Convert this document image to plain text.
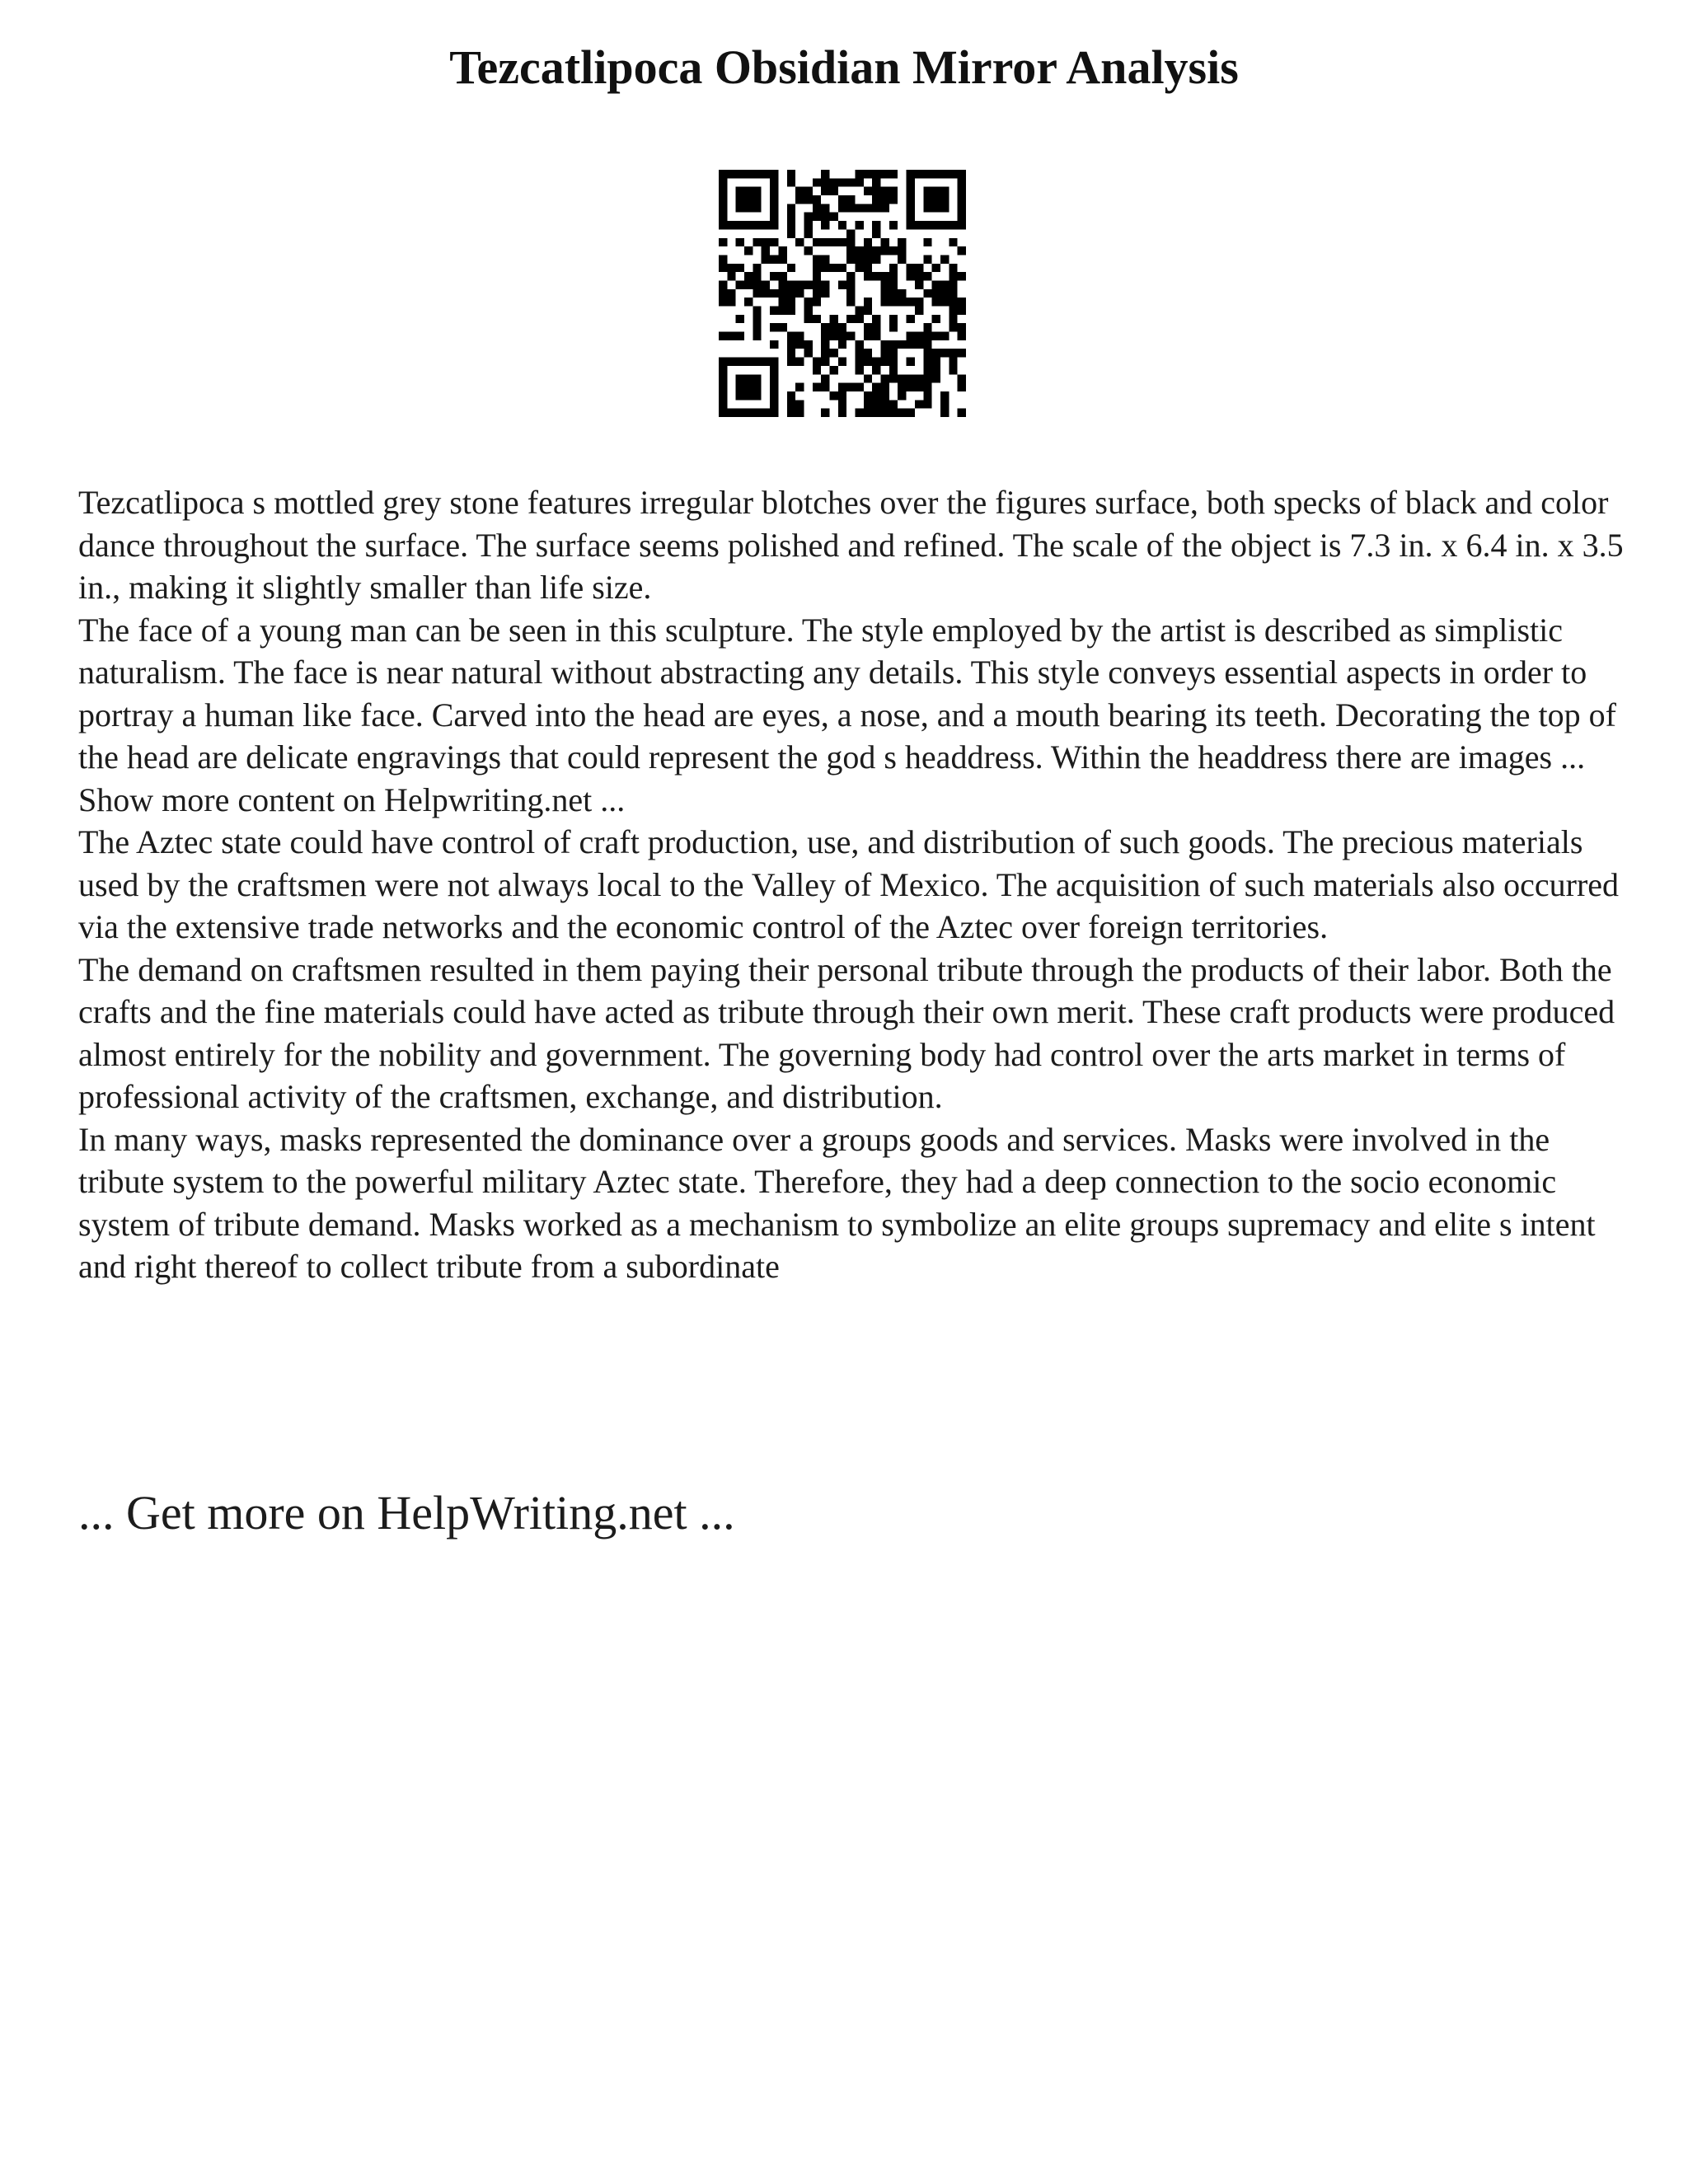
Tezcatlipoca Obsidian Mirror Analysis

Tezcatlipoca s mottled grey stone features irregular blotches over the figures surface, both specks of black and color dance throughout the surface. The surface seems polished and refined. The scale of the object is 7.3 in. x 6.4 in. x 3.5 in., making it slightly smaller than life size.

The face of a young man can be seen in this sculpture. The style employed by the artist is described as simplistic naturalism. The face is near natural without abstracting any details. This style conveys essential aspects in order to portray a human like face. Carved into the head are eyes, a nose, and a mouth bearing its teeth. Decorating the top of the head are delicate engravings that could represent the god s headdress. Within the headdress there are images ... Show more content on Helpwriting.net ...

The Aztec state could have control of craft production, use, and distribution of such goods. The precious materials used by the craftsmen were not always local to the Valley of Mexico. The acquisition of such materials also occurred via the extensive trade networks and the economic control of the Aztec over foreign territories.

The demand on craftsmen resulted in them paying their personal tribute through the products of their labor. Both the crafts and the fine materials could have acted as tribute through their own merit. These craft products were produced almost entirely for the nobility and government. The governing body had control over the arts market in terms of professional activity of the craftsmen, exchange, and distribution.

In many ways, masks represented the dominance over a groups goods and services. Masks were involved in the tribute system to the powerful military Aztec state. Therefore, they had a deep connection to the socio economic system of tribute demand. Masks worked as a mechanism to symbolize an elite groups supremacy and elite s intent and right thereof to collect tribute from a subordinate

... Get more on HelpWriting.net ...
